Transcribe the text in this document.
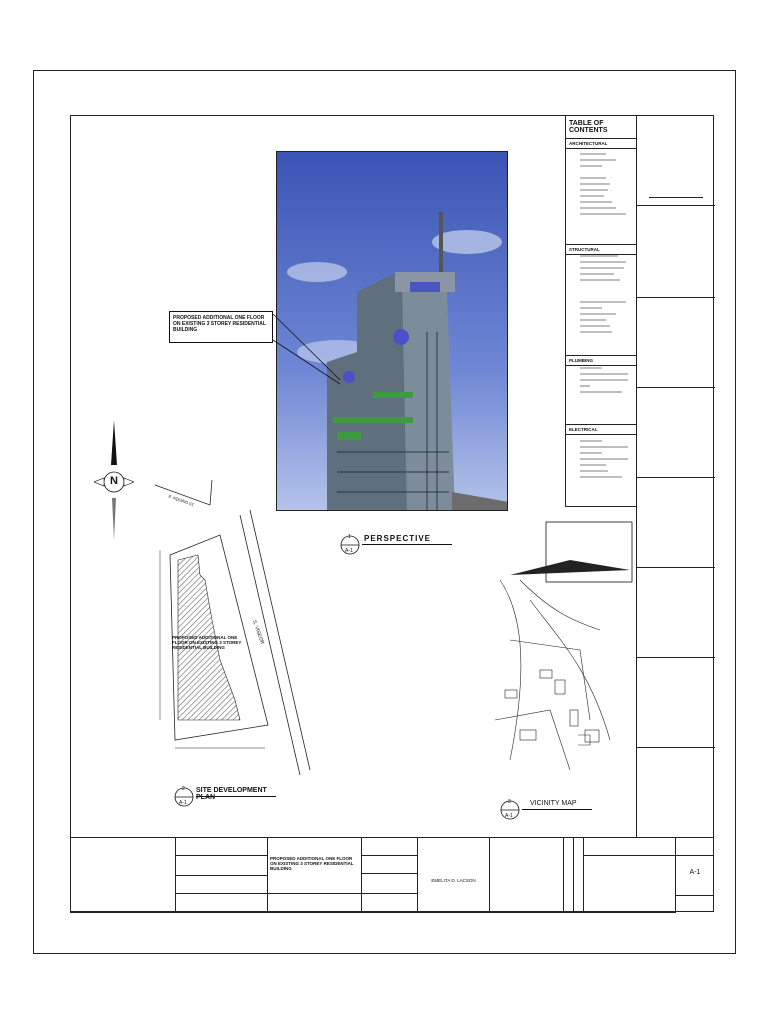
PROPOSED ADDITIONAL ONE FLOOR ON EXISTING 3 STOREY RESIDENTIAL BUILDING
1
A-1
PERSPECTIVE
N
E. AQUINO ST.
S. VISEOR
PROPOSED ADDITIONAL ONE FLOOR ON EXISTING 3 STOREY RESIDENTIAL BUILDING
2
A-1
SITE DEVELOPMENT PLAN
3
A-1
VICINITY MAP
TABLE OF CONTENTS
ARCHITECTURAL
STRUCTURAL
PLUMBING
ELECTRICAL
PROPOSED ADDITIONAL ONE FLOOR ON EXISTING 3 STOREY RESIDENTIAL BUILDING
EMELITA D. LACSON
A-1
